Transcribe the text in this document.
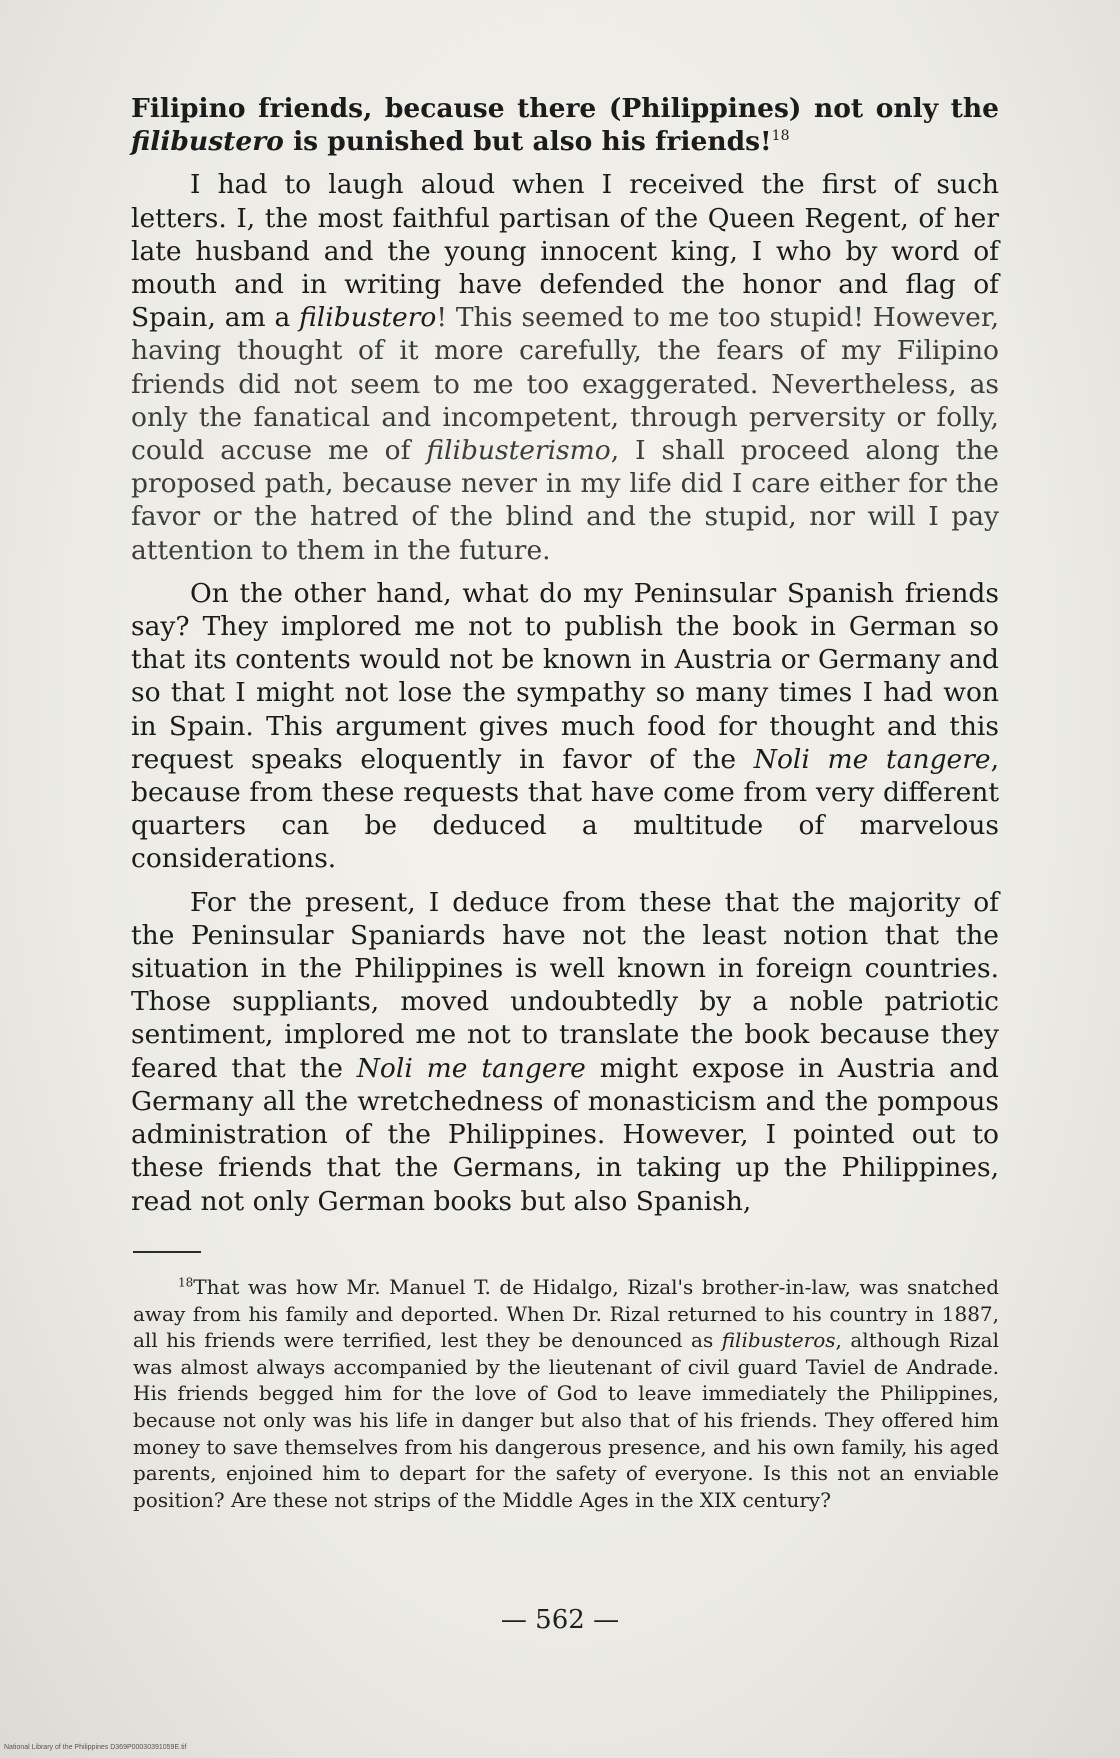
Filipino friends, because there (Philippines) not only the filibustero is punished but also his friends!$^{18}$

I had to laugh aloud when I received the first of such letters. I, the most faithful partisan of the Queen Regent, of her late husband and the young innocent king, I who by word of mouth and in writing have defended the honor and flag of Spain, am a filibustero! This seemed to me too stupid! However, having thought of it more carefully, the fears of my Filipino friends did not seem to me too exaggerated. Nevertheless, as only the fanatical and incompetent, through perversity or folly, could accuse me of filibusterismo, I shall proceed along the proposed path, because never in my life did I care either for the favor or the hatred of the blind and the stupid, nor will I pay attention to them in the future.

On the other hand, what do my Peninsular Spanish friends say? They implored me not to publish the book in German so that its contents would not be known in Austria or Germany and so that I might not lose the sympathy so many times I had won in Spain. This argument gives much food for thought and this request speaks eloquently in favor of the Noli me tangere, because from these requests that have come from very different quarters can be deduced a multitude of marvelous considerations.

For the present, I deduce from these that the majority of the Peninsular Spaniards have not the least notion that the situation in the Philippines is well known in foreign countries. Those suppliants, moved undoubtedly by a noble patriotic sentiment, implored me not to translate the book because they feared that the Noli me tangere might expose in Austria and Germany all the wretchedness of monasticism and the pompous administration of the Philippines. However, I pointed out to these friends that the Germans, in taking up the Philippines, read not only German books but also Spanish,

$^{18}$That was how Mr. Manuel T. de Hidalgo, Rizal's brother-in-law, was snatched away from his family and deported. When Dr. Rizal returned to his country in 1887, all his friends were terrified, lest they be denounced as filibusteros, although Rizal was almost always accompanied by the lieutenant of civil guard Taviel de Andrade. His friends begged him for the love of God to leave immediately the Philippines, because not only was his life in danger but also that of his friends. They offered him money to save themselves from his dangerous presence, and his own family, his aged parents, enjoined him to depart for the safety of everyone. Is this not an enviable position? Are these not strips of the Middle Ages in the XIX century?

— 562 —
National Library of the Philippines D369P00030391059E.tif
